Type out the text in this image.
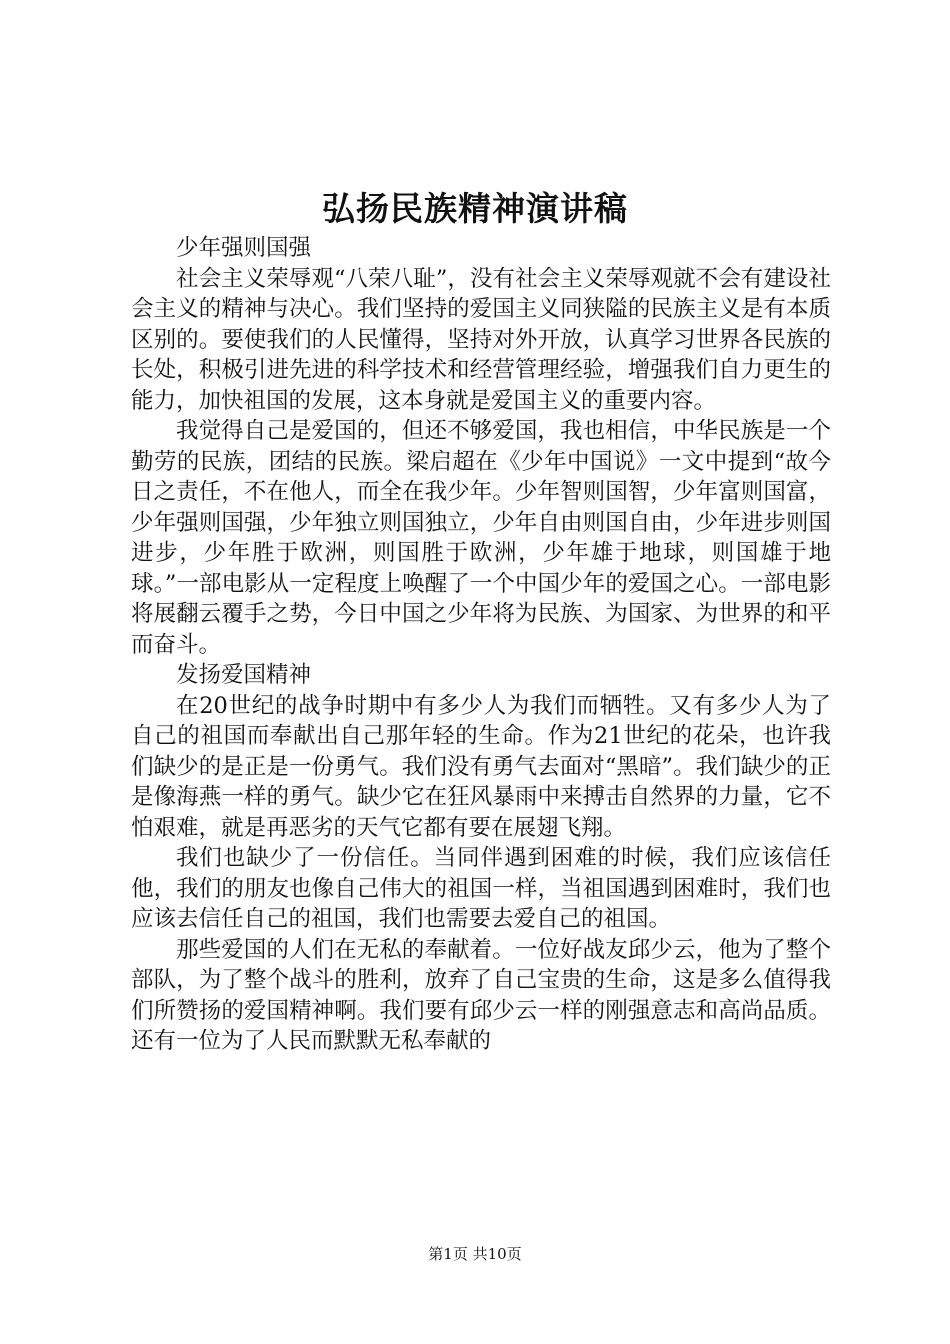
弘扬民族精神演讲稿

少年强则国强

社会主义荣辱观“八荣八耻”，没有社会主义荣辱观就不会有建设社会主义的精神与决心。我们坚持的爱国主义同狭隘的民族主义是有本质区别的。要使我们的人民懂得，坚持对外开放，认真学习世界各民族的长处，积极引进先进的科学技术和经营管理经验，增强我们自力更生的能力，加快祖国的发展，这本身就是爱国主义的重要内容。

我觉得自己是爱国的，但还不够爱国，我也相信，中华民族是一个勤劳的民族，团结的民族。梁启超在《少年中国说》一文中提到“故今日之责任，不在他人，而全在我少年。少年智则国智，少年富则国富，少年强则国强，少年独立则国独立，少年自由则国自由，少年进步则国进步，少年胜于欧洲，则国胜于欧洲，少年雄于地球，则国雄于地球。”一部电影从一定程度上唤醒了一个中国少年的爱国之心。一部电影将展翻云覆手之势，今日中国之少年将为民族、为国家、为世界的和平而奋斗。

发扬爱国精神

在20世纪的战争时期中有多少人为我们而牺牲。又有多少人为了自己的祖国而奉献出自己那年轻的生命。作为21世纪的花朵，也许我们缺少的是正是一份勇气。我们没有勇气去面对“黑暗”。我们缺少的正是像海燕一样的勇气。缺少它在狂风暴雨中来搏击自然界的力量，它不怕艰难，就是再恶劣的天气它都有要在展翅飞翔。

我们也缺少了一份信任。当同伴遇到困难的时候，我们应该信任他，我们的朋友也像自己伟大的祖国一样，当祖国遇到困难时，我们也应该去信任自己的祖国，我们也需要去爱自己的祖国。

那些爱国的人们在无私的奉献着。一位好战友邱少云，他为了整个部队，为了整个战斗的胜利，放弃了自己宝贵的生命，这是多么值得我们所赞扬的爱国精神啊。我们要有邱少云一样的刚强意志和高尚品质。还有一位为了人民而默默无私奉献的

第1页 共10页
